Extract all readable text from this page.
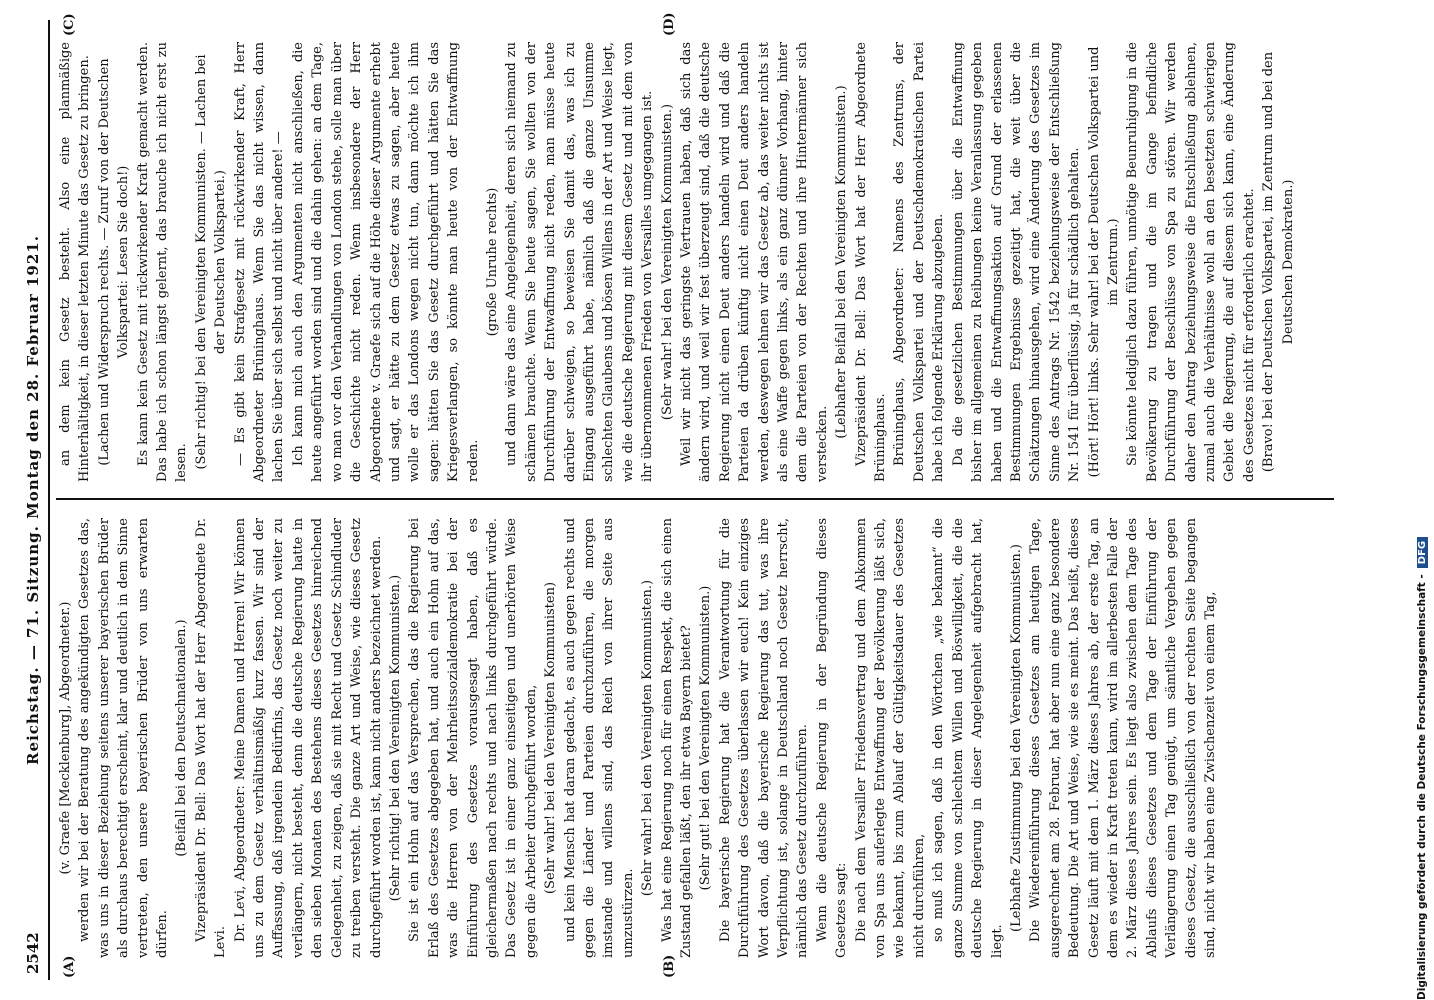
2542
Reichstag. — 71. Sitzung. Montag den 28. Februar 1921.
(A)	(B)
(C)	(D)

(v. Graefe [Mecklenburg], Abgeordneter.) werden wir bei der Beratung des angekündigten Gesetzes das, was uns in dieser Beziehung seitens unserer bayerischen Brüder als durchaus berechtigt erscheint, klar und deutlich in dem Sinne vertreten, den unsere bayerischen Brüder von uns erwarten dürfen.

(Beifall bei den Deutschnationalen.) Vizepräsident Dr. Bell: Das Wort hat der Herr Abgeordnete Dr. Levi.

Dr. Levi, Abgeordneter: Meine Damen und Herren! Wir können uns zu dem Gesetz verhältnismäßig kurz fassen. Wir sind der Auffassung, daß irgendein Bedürfnis, das Gesetz noch weiter zu verlängern, nicht besteht, denn die deutsche Regierung hatte in den sieben Monaten des Bestehens dieses Gesetzes hinreichend Gelegenheit, zu zeigen, daß sie mit Recht und Gesetz Schindluder zu treiben versteht. Die ganze Art und Weise, wie dieses Gesetz durchgeführt worden ist, kann nicht anders bezeichnet werden. (Sehr richtig! bei den Vereinigten Kommunisten.) Sie ist ein Hohn auf das Versprechen, das die Regierung bei Erlaß des Gesetzes abgegeben hat, und auch ein Hohn auf das, was die Herren von der Mehrheitssozialdemokratie bei der Einführung des Gesetzes vorausgesagt haben, daß es gleichermaßen nach rechts und nach links durchgeführt würde. Das Gesetz ist in einer ganz einseitigen und unerhörten Weise gegen die Arbeiter durchgeführt worden, (Sehr wahr! bei den Vereinigten Kommunisten) und kein Mensch hat daran gedacht, es auch gegen rechts und gegen die Länder und Parteien durchzuführen, die morgen imstande und willens sind, das Reich von ihrer Seite aus umzustürzen.

(Sehr wahr! bei den Vereinigten Kommunisten.) Was hat eine Regierung noch für einen Respekt, die sich einen Zustand gefallen läßt, den ihr etwa Bayern bietet? (Sehr gut! bei den Vereinigten Kommunisten.) Die bayerische Regierung hat die Verantwortung für die Durchführung des Gesetzes überlassen wir euch! Kein einziges Wort davon, daß die bayerische Regierung das tut, was ihre Verpflichtung ist, solange in Deutschland noch Gesetz herrscht, nämlich das Gesetz durchzuführen. Wenn die deutsche Regierung in der Begründung dieses Gesetzes sagt: Die nach dem Versailler Friedensvertrag und dem Abkommen von Spa uns auferlegte Entwaffnung der Bevölkerung läßt sich, wie bekannt, bis zum Ablauf der Gültigkeitsdauer des Gesetzes nicht durchführen, so muß ich sagen, daß in den Wörtchen „wie bekannt“ die ganze Summe von schlechtem Willen und Böswilligkeit, die die deutsche Regierung in dieser Angelegenheit aufgebracht hat, liegt.

(Lebhafte Zustimmung bei den Vereinigten Kommunisten.) Die Wiedereinführung dieses Gesetzes am heutigen Tage, ausgerechnet am 28. Februar, hat aber nun eine ganz besondere Bedeutung. Die Art und Weise, wie sie es meint. Das heißt, dieses Gesetz läuft mit dem 1. März dieses Jahres ab, der erste Tag, an dem es wieder in Kraft treten kann, wird im allerbesten Falle der 2. März dieses Jahres sein. Es liegt also zwischen dem Tage des Ablaufs dieses Gesetzes und dem Tage der Einführung der Verlängerung einen Tag genügt, um sämtliche Vergehen gegen dieses Gesetz, die ausschließlich von der rechten Seite begangen sind, nicht wir haben eine Zwischenzeit von einem Tag,

an dem kein Gesetz besteht. Also eine planmäßige Hinterhältigkeit, in dieser letzten Minute das Gesetz zu bringen. (Lachen und Widerspruch rechts. — Zuruf von der Deutschen Volkspartei: Lesen Sie doch!) Es kann kein Gesetz mit rückwirkender Kraft gemacht werden. Das habe ich schon längst gelernt, das brauche ich nicht erst zu lesen. (Sehr richtig! bei den Vereinigten Kommunisten. — Lachen bei der Deutschen Volkspartei.) — Es gibt kein Strafgesetz mit rückwirkender Kraft, Herr Abgeordneter Brüninghaus. Wenn Sie das nicht wissen, dann lachen Sie über sich selbst und nicht über andere! — Ich kann mich auch den Argumenten nicht anschließen, die heute angeführt worden sind und die dahin gehen: an dem Tage, wo man vor den Verhandlungen von London stehe, solle man über die Geschichte nicht reden. Wenn insbesondere der Herr Abgeordnete v. Graefe sich auf die Höhe dieser Argumente erhebt und sagt, er hätte zu dem Gesetz etwas zu sagen, aber heute wolle er das Londons wegen nicht tun, dann möchte ich ihm sagen: hätten Sie das Gesetz durchgeführt und hätten Sie das Kriegesverlangen, so könnte man heute von der Entwaffnung reden.

(große Unruhe rechts) und dann wäre das eine Angelegenheit, deren sich niemand zu schämen brauchte. Wenn Sie heute sagen, Sie wollten von der Durchführung der Entwaffnung nicht reden, man müsse heute darüber schweigen, so beweisen Sie damit das, was ich zu Eingang ausgeführt habe, nämlich daß die ganze Unsumme schlechten Glaubens und bösen Willens in der Art und Weise liegt, wie die deutsche Regierung mit diesem Gesetz und mit dem von ihr übernommenen Frieden von Versailles umgegangen ist. (Sehr wahr! bei den Vereinigten Kommunisten.) Weil wir nicht das geringste Vertrauen haben, daß sich das ändern wird, und weil wir fest überzeugt sind, daß die deutsche Regierung nicht einen Deut anders handeln wird und daß die Parteien da drüben künftig nicht einen Deut anders handeln werden, deswegen lehnen wir das Gesetz ab, das weiter nichts ist als eine Waffe gegen links, als ein ganz dünner Vorhang, hinter dem die Parteien von der Rechten und ihre Hintermänner sich verstecken.

(Lebhafter Beifall bei den Vereinigten Kommunisten.) Vizepräsident Dr. Bell: Das Wort hat der Herr Abgeordnete Brüninghaus. Brüninghaus, Abgeordneter: Namens des Zentrums, der Deutschen Volkspartei und der Deutschdemokratischen Partei habe ich folgende Erklärung abzugeben. Da die gesetzlichen Bestimmungen über die Entwaffnung bisher im allgemeinen zu Reibungen keine Veranlassung gegeben haben und die Entwaffnungsaktion auf Grund der erlassenen Bestimmungen Ergebnisse gezeitigt hat, die weit über die Schätzungen hinausgehen, wird eine Änderung des Gesetzes im Sinne des Antrags Nr. 1542 beziehungsweise der Entschließung Nr. 1541 für überflüssig, ja für schädlich gehalten. (Hört! Hört! links. Sehr wahr! bei der Deutschen Volkspartei und im Zentrum.) Sie könnte lediglich dazu führen, unnötige Beunruhigung in die Bevölkerung zu tragen und die im Gange befindliche Durchführung der Beschlüsse von Spa zu stören. Wir werden daher den Antrag beziehungsweise die Entschließung ablehnen, zumal auch die Verhältnisse wohl an den besetzten schwierigen Gebiet die Regierung, die auf diesem sich kann, eine Änderung des Gesetzes nicht für erforderlich erachtet. (Bravo! bei der Deutschen Volkspartei, im Zentrum und bei den Deutschen Demokraten.)

Digitalisierung gefördert durch die Deutsche Forschungsgemeinschaft -DFG
